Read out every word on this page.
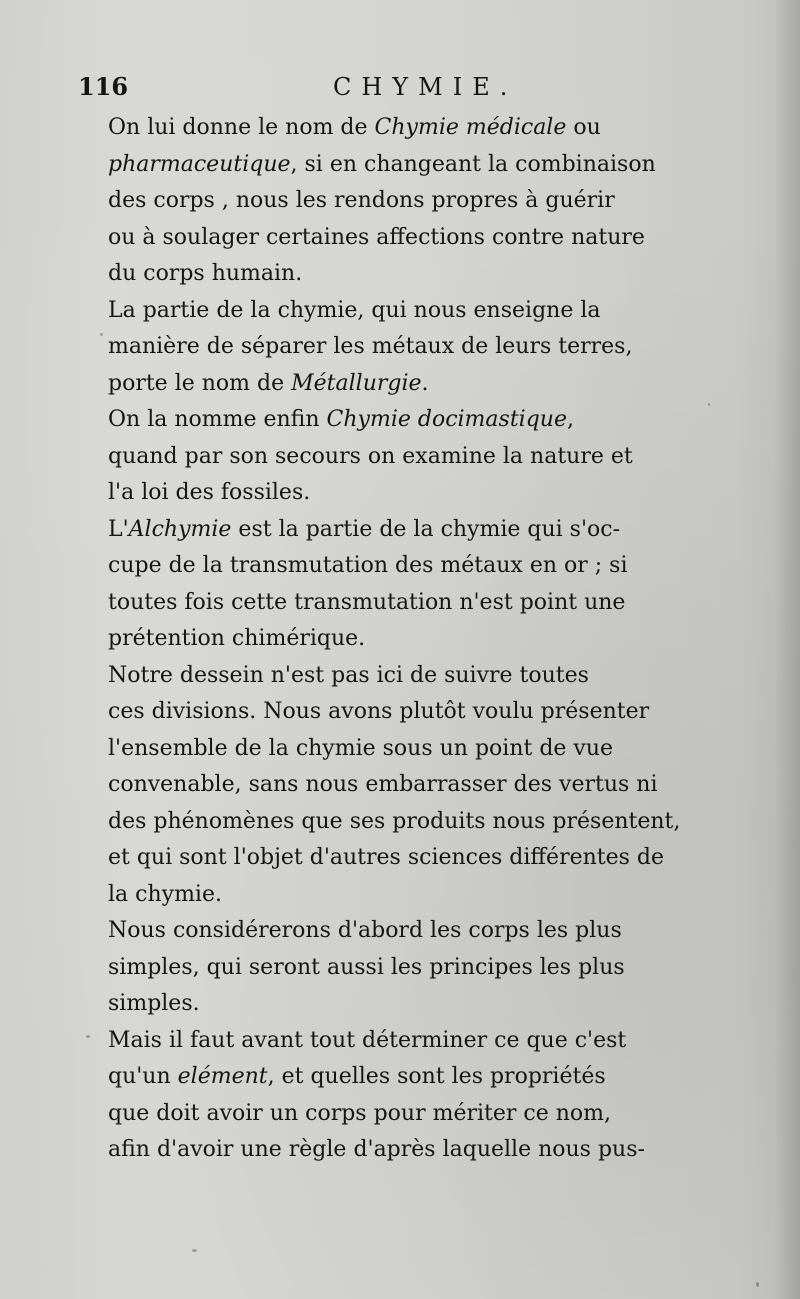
116	CHYMIE.

On lui donne le nom de Chymie médicale ou
pharmaceutique, si en changeant la combinaison
des corps , nous les rendons propres à guérir
ou à soulager certaines affections contre nature
du corps humain.

La partie de la chymie, qui nous enseigne la
manière de séparer les métaux de leurs terres,
porte le nom de Métallurgie.

On la nomme enfin Chymie docimastique,
quand par son secours on examine la nature et
l'a loi des fossiles.

L'Alchymie est la partie de la chymie qui s'oc-
cupe de la transmutation des métaux en or ; si
toutes fois cette transmutation n'est point une
prétention chimérique.

Notre dessein n'est pas ici de suivre toutes
ces divisions. Nous avons plutôt voulu présenter
l'ensemble de la chymie sous un point de vue
convenable, sans nous embarrasser des vertus ni
des phénomènes que ses produits nous présentent,
et qui sont l'objet d'autres sciences différentes de
la chymie.

Nous considérerons d'abord les corps les plus
simples, qui seront aussi les principes les plus
simples.

Mais il faut avant tout déterminer ce que c'est
qu'un elément, et quelles sont les propriétés
que doit avoir un corps pour mériter ce nom,
afin d'avoir une règle d'après laquelle nous pus-
